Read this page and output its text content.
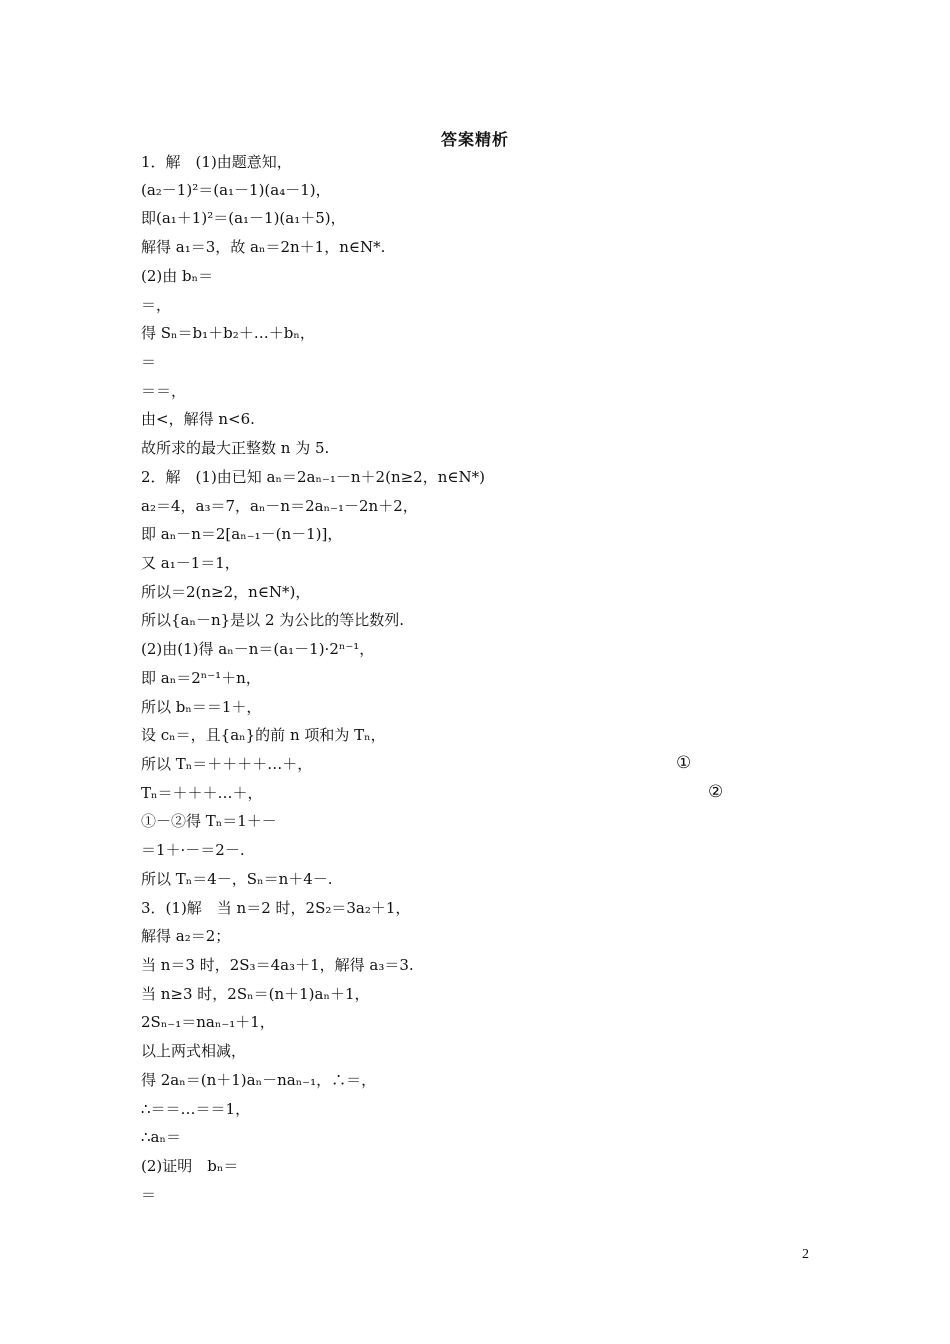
答案精析
1．解　(1)由题意知，
(a₂－1)²＝(a₁－1)(a₄－1)，
即(a₁＋1)²＝(a₁－1)(a₁＋5)，
解得 a₁＝3，故 aₙ＝2n＋1，n∈N*.
(2)由 bₙ＝
＝，
得 Sₙ＝b₁＋b₂＋…＋bₙ，
＝
＝＝，
由<，解得 n<6.
故所求的最大正整数 n 为 5.
2．解　(1)由已知 aₙ＝2aₙ₋₁－n＋2(n≥2，n∈N*)
a₂＝4，a₃＝7，aₙ－n＝2aₙ₋₁－2n＋2，
即 aₙ－n＝2[aₙ₋₁－(n－1)]，
又 a₁－1＝1，
所以＝2(n≥2，n∈N*)，
所以{aₙ－n}是以 2 为公比的等比数列.
(2)由(1)得 aₙ－n＝(a₁－1)·2ⁿ⁻¹，
即 aₙ＝2ⁿ⁻¹＋n，
所以 bₙ＝＝1＋，
设 cₙ＝，且{aₙ}的前 n 项和为 Tₙ，
所以 Tₙ＝＋＋＋＋…＋，
Tₙ＝＋＋＋…＋，
①－②得 Tₙ＝1＋－
＝1＋·－＝2－.
所以 Tₙ＝4－，Sₙ＝n＋4－.
3．(1)解　当 n＝2 时，2S₂＝3a₂＋1，
解得 a₂＝2；
当 n＝3 时，2S₃＝4a₃＋1，解得 a₃＝3.
当 n≥3 时，2Sₙ＝(n＋1)aₙ＋1，
2Sₙ₋₁＝naₙ₋₁＋1，
以上两式相减，
得 2aₙ＝(n＋1)aₙ－naₙ₋₁，∴＝，
∴＝＝…＝＝1，
∴aₙ＝
(2)证明　bₙ＝
＝
①
②
2
